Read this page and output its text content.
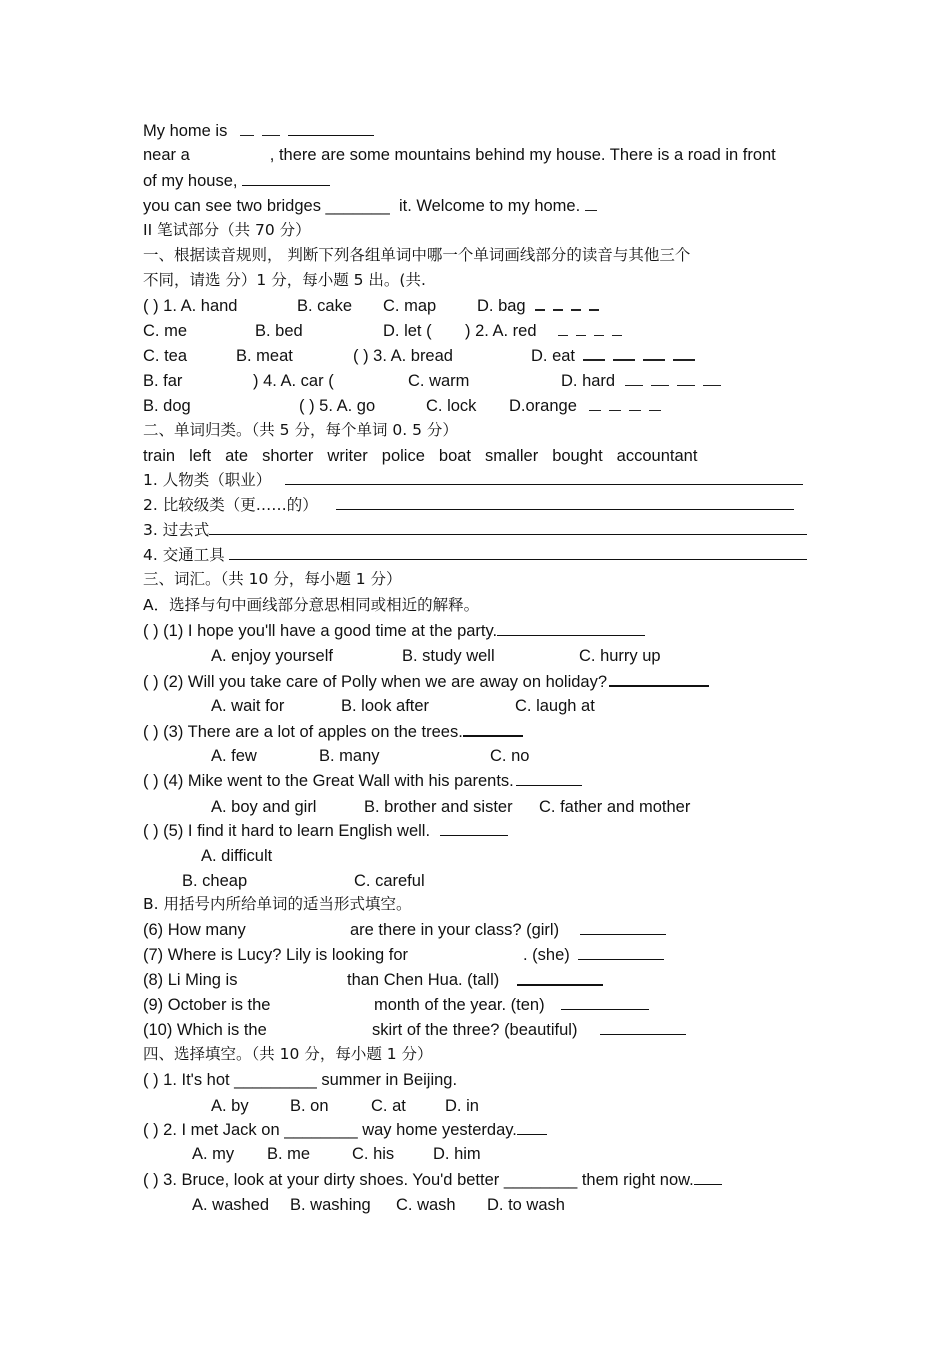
My home is
near a	, there are some mountains behind my house. There is a road in front
of my house,
you can see two bridges _______ it. Welcome to my home.
II 笔试部分（共 70 分）
一、根据读音规则， 判断下列各组单词中哪一个单词画线部分的读音与其他三个
不同，请选 分）1 分，每小题 5 出。(共.
( ) 1. A. hand	B. cake C. map D. bag
C. me	B. bed	D. let ( ) 2. A. red
C. tea	B. meat	( ) 3. A. bread	D. eat
B. far	) 4. A. car (	C. warm	D. hard
B. dog	( ) 5. A. go	C. lock D.orange
二、单词归类。（共 5 分，每个单词 0. 5 分）
train left ate shorter writer police boat smaller bought accountant
1. 人物类（职业）
2. 比较级类（更……的）
3. 过去式
4. 交通工具
三、词汇。（共 10 分，每小题 1 分）
A．选择与句中画线部分意思相同或相近的解释。
( ) (1) I hope you'll have a good time at the party.
A. enjoy yourself	B. study well	C. hurry up
( ) (2) Will you take care of Polly when we are away on holiday?
A. wait for	B. look after	C. laugh at
( ) (3) There are a lot of apples on the trees.
A. few	B. many	C. no
( ) (4) Mike went to the Great Wall with his parents.
A. boy and girl	B. brother and sister C. father and mother
( ) (5) I find it hard to learn English well.
A. difficult
B. cheap	C. careful
B. 用括号内所给单词的适当形式填空。
(6) How many	are there in your class? (girl)
(7) Where is Lucy? Lily is looking for	. (she)
(8) Li Ming is	than Chen Hua. (tall)
(9) October is the	month of the year. (ten)
(10) Which is the	skirt of the three? (beautiful)
四、选择填空。（共 10 分，每小题 1 分）
( ) 1. It's hot _________ summer in Beijing.
A. by	B. on	C. at D. in
( ) 2. I met Jack on ________ way home yesterday.
A. my B. me	C. his D. him
( ) 3. Bruce, look at your dirty shoes. You'd better ________ them right now.
A. washed B. washing C. wash D. to wash
